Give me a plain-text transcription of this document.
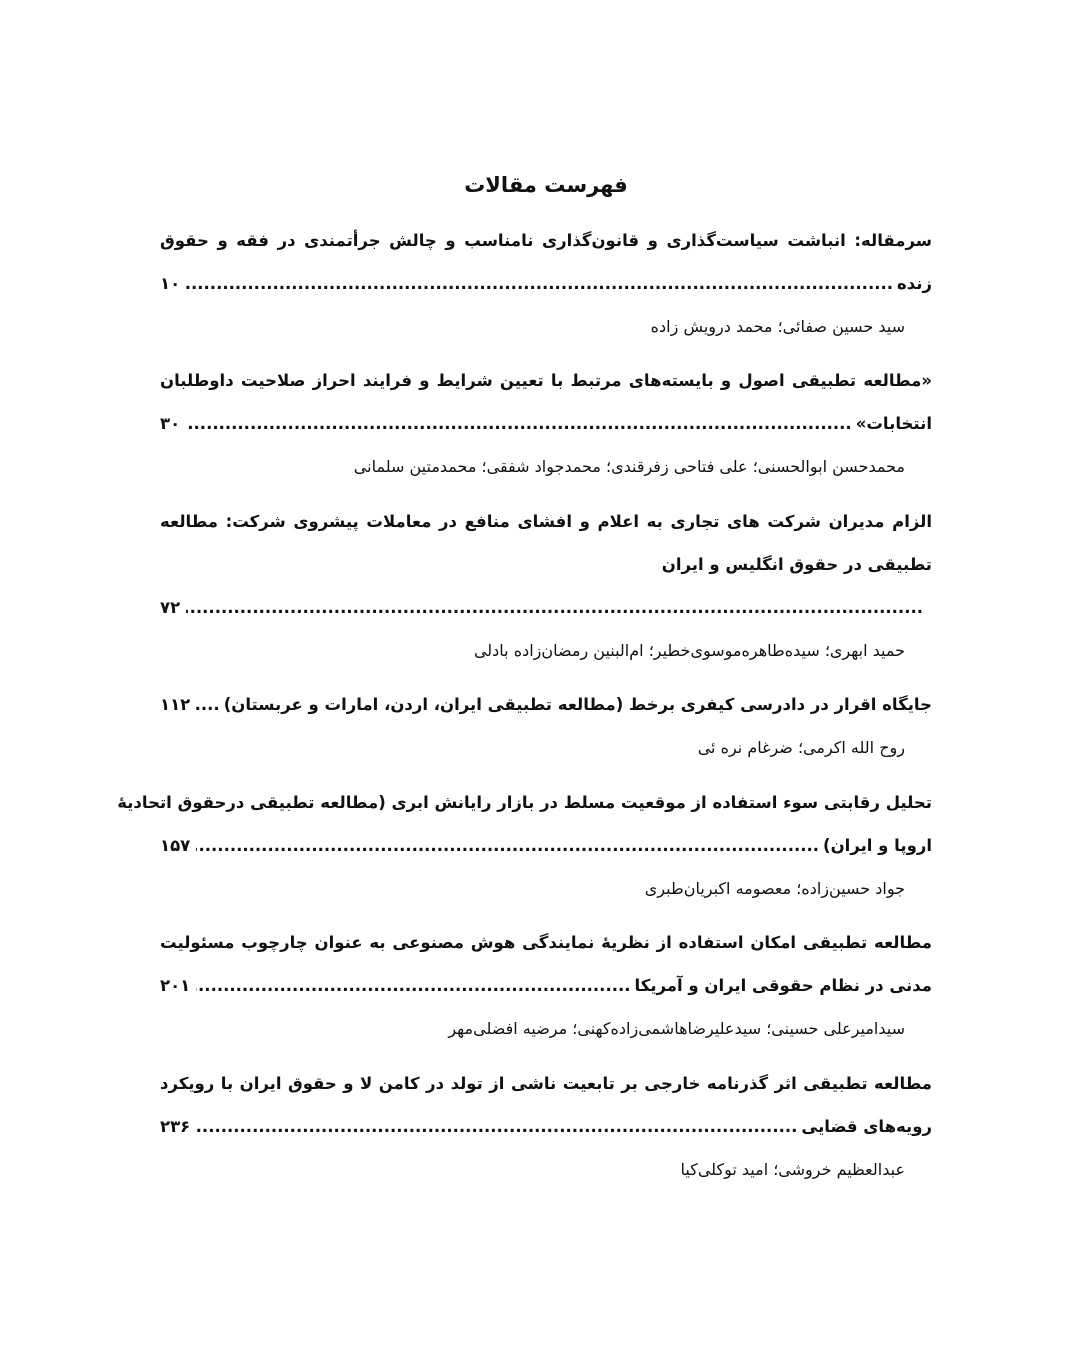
فهرست مقالات
سرمقاله: انباشت سیاست‌گذاری و قانون‌گذاری نامناسب و چالش جرأتمندی در فقه و حقوق
زنده
.....
۱۰
سید حسین صفائی؛ محمد درویش زاده
«مطالعه تطبیقی اصول و بایسته‌های مرتبط با تعیین شرایط و فرایند احراز صلاحیت داوطلبان
انتخابات»
.....
۳۰
محمدحسن ابوالحسنی؛ علی فتاحی زفرقندی؛ محمدجواد شفقی؛ محمدمتین سلمانی
الزام مدیران شرکت های تجاری به اعلام و افشای منافع در معاملات پیشروی شرکت: مطالعه
تطبیقی در حقوق انگلیس و ایران
.....
۷۲
حمید ابهری؛ سیده‌طاهره‌موسوی‌خطیر؛ ام‌البنین رمضان‌زاده بادلی
جایگاه اقرار در دادرسی کیفری برخط (مطالعه تطبیقی ایران، اردن، امارات و عربستان)
.....
۱۱۲
روح الله اکرمی؛ ضرغام نره ئی
تحلیل رقابتی سوء استفاده از موقعیت مسلط در بازار رایانش ابری (مطالعه تطبیقی درحقوق اتحادیهٔ
اروپا و ایران)
.....
۱۵۷
جواد حسین‌زاده؛ معصومه اکبریان‌طبری
مطالعه تطبیقی امکان استفاده از نظریهٔ نمایندگی هوش مصنوعی به عنوان چارچوب مسئولیت
مدنی در نظام حقوقی ایران و آمریکا
.....
۲۰۱
سیدامیرعلی حسینی؛ سیدعلیرضاهاشمی‌زاده‌کهنی؛ مرضیه افضلی‌مهر
مطالعه تطبیقی اثر گذرنامه خارجی بر تابعیت ناشی از تولد در کامن لا و حقوق ایران با رویکرد
رویه‌های قضایی
.....
۲۳۶
عبدالعظیم خروشی؛ امید توکلی‌کیا
